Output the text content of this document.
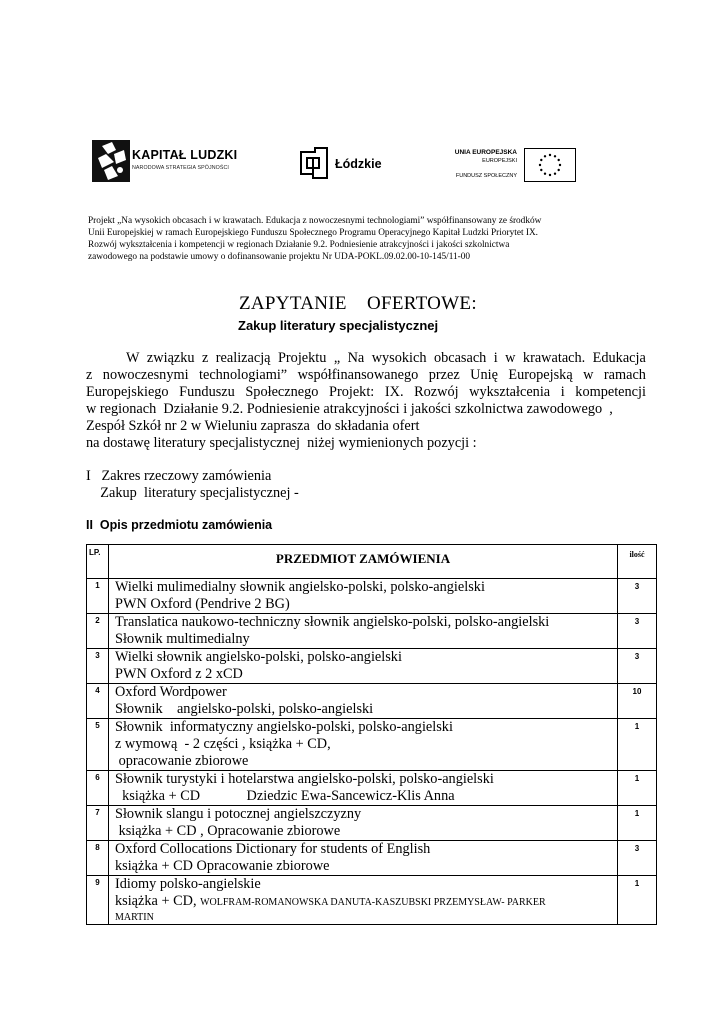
KAPITAŁ LUDZKI
NARODOWA STRATEGIA SPÓJNOŚCI	Łódzkie
UNIA EUROPEJSKA
EUROPEJSKI
FUNDUSZ SPOŁECZNY
Projekt „Na wysokich obcasach i w krawatach. Edukacja z nowoczesnymi technologiami” współfinansowany ze środków
Unii Europejskiej w ramach Europejskiego Funduszu Społecznego Programu Operacyjnego Kapitał Ludzki Priorytet IX.
Rozwój wykształcenia i kompetencji w regionach Działanie 9.2. Podniesienie atrakcyjności i jakości szkolnictwa
zawodowego na podstawie umowy o dofinansowanie projektu Nr UDA-POKL.09.02.00-10-145/11-00
ZAPYTANIE    OFERTOWE:
Zakup literatury specjalistycznej
W związku z realizacją Projektu „ Na wysokich obcasach i w krawatach. Edukacja
z nowoczesnymi technologiami” współfinansowanego przez Unię Europejską w ramach
Europejskiego Funduszu Społecznego Projekt: IX. Rozwój wykształcenia i kompetencji
w regionach  Działanie 9.2. Podniesienie atrakcyjności i jakości szkolnictwa zawodowego  ,
Zespół Szkół nr 2 w Wieluniu zaprasza  do składania ofert
na dostawę literatury specjalistycznej  niżej wymienionych pozycji :
I   Zakres rzeczowy zamówienia
Zakup  literatury specjalistycznej -
II  Opis przedmiotu zamówienia
LP.	PRZEDMIOT ZAMÓWIENIA	ilość
1	Wielki mulimedialny słownik angielsko-polski, polsko-angielski
PWN Oxford (Pendrive 2 BG)	3
2	Translatica naukowo-techniczny słownik angielsko-polski, polsko-angielski
Słownik multimedialny	3
3	Wielki słownik angielsko-polski, polsko-angielski
PWN Oxford z 2 xCD	3
4	Oxford Wordpower
Słownik    angielsko-polski, polsko-angielski	10
5	Słownik  informatyczny angielsko-polski, polsko-angielski
z wymową  - 2 części , książka + CD,
opracowanie zbiorowe	1
6	Słownik turystyki i hotelarstwa angielsko-polski, polsko-angielski
książka + CD             Dziedzic Ewa-Sancewicz-Klis Anna	1
7	Słownik slangu i potocznej angielszczyzny
książka + CD , Opracowanie zbiorowe	1
8	Oxford Collocations Dictionary for students of English
książka + CD Opracowanie zbiorowe	3
9	Idiomy polsko-angielskie
książka + CD, WOLFRAM-ROMANOWSKA DANUTA-KASZUBSKI PRZEMYSŁAW- PARKER
MARTIN	1
